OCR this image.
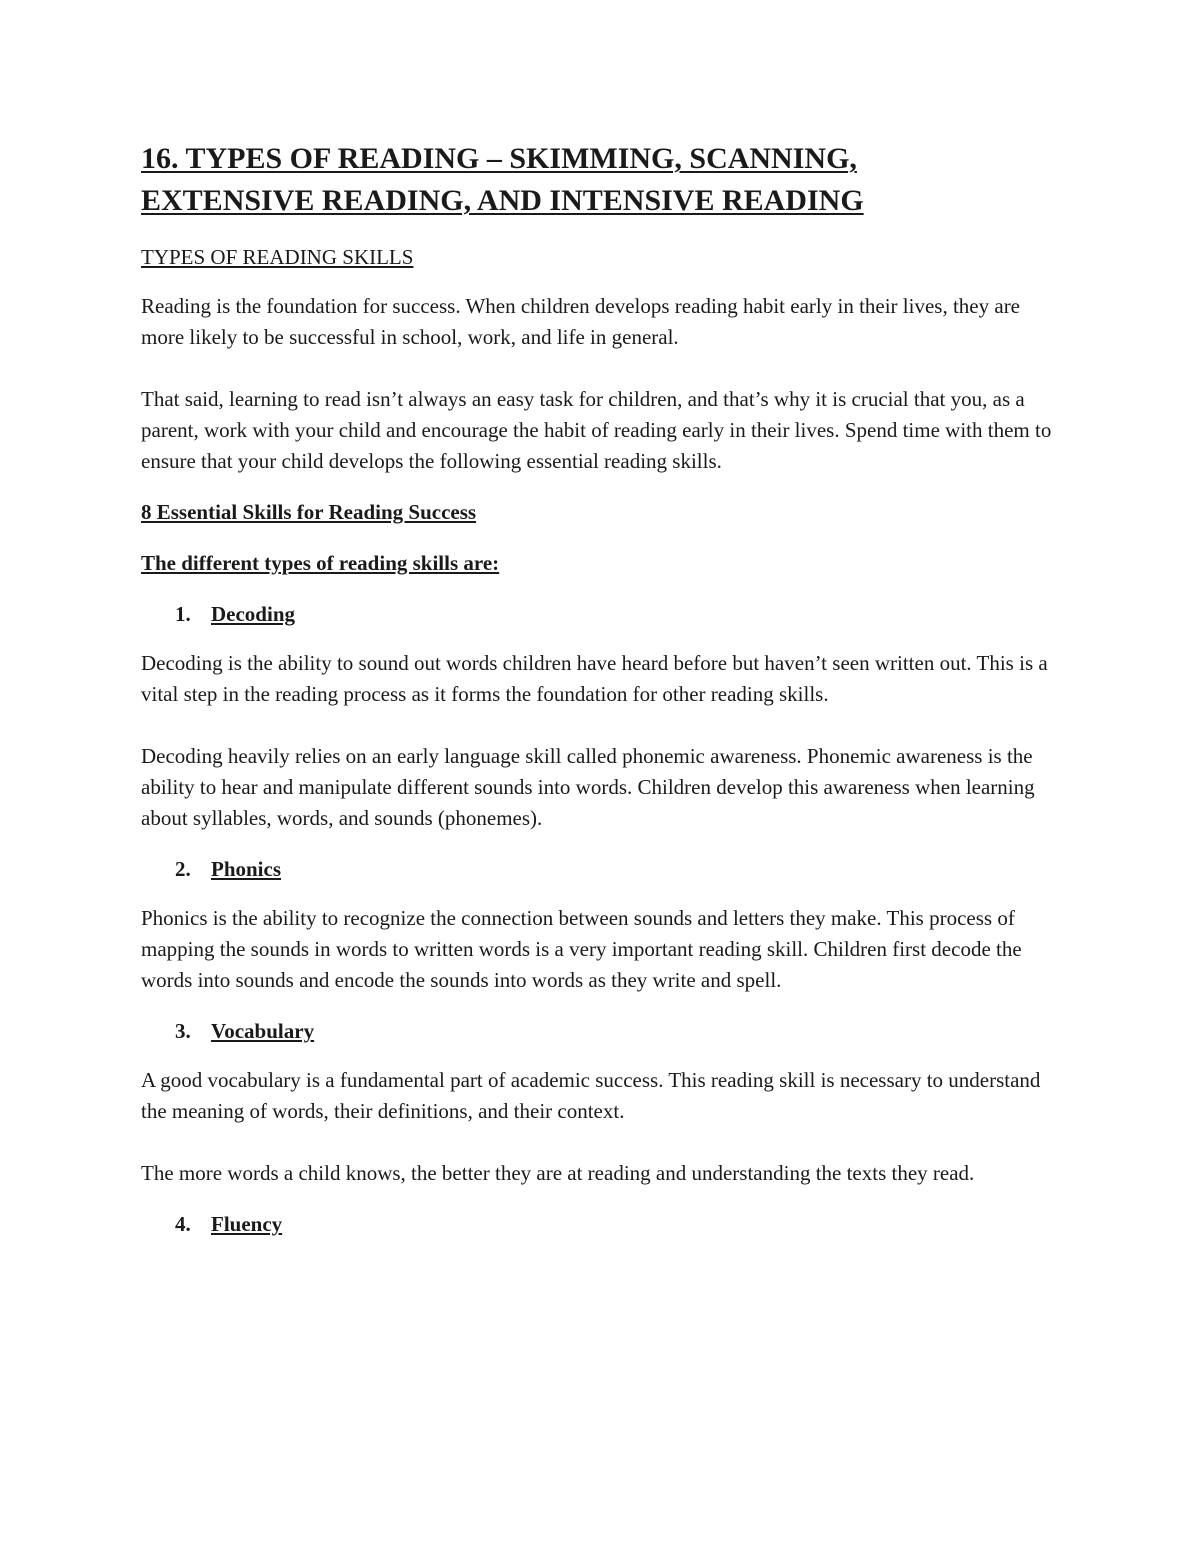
16. TYPES OF READING – SKIMMING, SCANNING,
EXTENSIVE READING, AND INTENSIVE READING
TYPES OF READING SKILLS

Reading is the foundation for success. When children develops reading habit early in their lives, they are more likely to be successful in school, work, and life in general.

That said, learning to read isn’t always an easy task for children, and that’s why it is crucial that you, as a parent, work with your child and encourage the habit of reading early in their lives. Spend time with them to ensure that your child develops the following essential reading skills.

8 Essential Skills for Reading Success

The different types of reading skills are:

1. Decoding

Decoding is the ability to sound out words children have heard before but haven’t seen written out. This is a vital step in the reading process as it forms the foundation for other reading skills.

Decoding heavily relies on an early language skill called phonemic awareness. Phonemic awareness is the ability to hear and manipulate different sounds into words. Children develop this awareness when learning about syllables, words, and sounds (phonemes).

2. Phonics

Phonics is the ability to recognize the connection between sounds and letters they make. This process of mapping the sounds in words to written words is a very important reading skill. Children first decode the words into sounds and encode the sounds into words as they write and spell.

3. Vocabulary

A good vocabulary is a fundamental part of academic success. This reading skill is necessary to understand the meaning of words, their definitions, and their context.

The more words a child knows, the better they are at reading and understanding the texts they read.

4. Fluency
